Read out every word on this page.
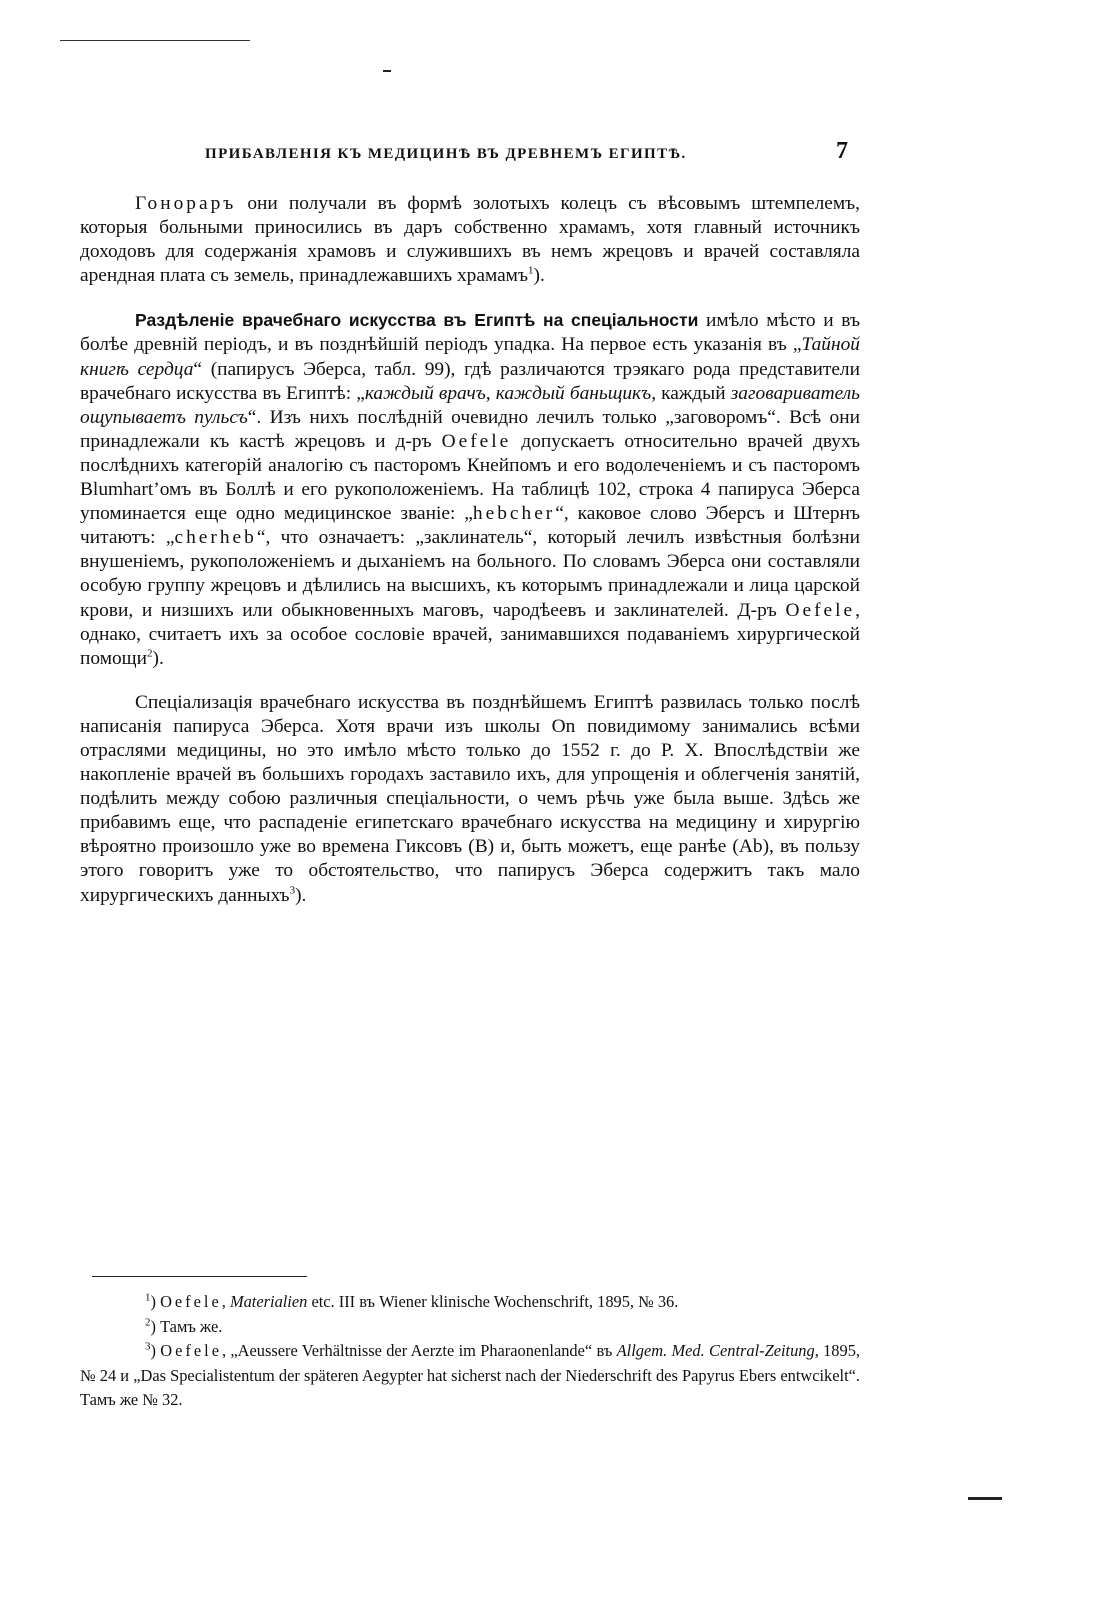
ПРИБАВЛЕНІЯ КЪ МЕДИЦИНѢ ВЪ ДРЕВНЕМЪ ЕГИПТѢ.	7

Гонораръ они получали въ формѣ золотыхъ колецъ съ вѣсовымъ штемпелемъ, которыя больными приносились въ даръ собственно храмамъ, хотя главный источникъ доходовъ для содержанія храмовъ и служившихъ въ немъ жрецовъ и врачей составляла арендная плата съ земель, принадлежавшихъ храмамъ$^1$).

Раздѣленіе врачебнаго искусства въ Египтѣ на спеціальности имѣло мѣсто и въ болѣе древній періодъ, и въ позднѣйшій періодъ упадка. На первое есть указанія въ „Тайной книгѣ сердца“ (папирусъ Эберса, табл. 99), гдѣ различаются трэякаго рода представители врачебнаго искусства въ Египтѣ: „каждый врачъ, каждый баньщикъ, каждый заговариватель ощупываетъ пульсъ“. Изъ нихъ послѣдній очевидно лечилъ только „заговоромъ“. Всѣ они принадлежали къ кастѣ жрецовъ и д-ръ Oefele допускаетъ относительно врачей двухъ послѣднихъ категорій аналогію съ пасторомъ Кнейпомъ и его водолеченіемъ и съ пасторомъ Blumhart’омъ въ Боллѣ и его рукоположеніемъ. На таблицѣ 102, строка 4 папируса Эберса упоминается еще одно медицинское званіе: „hebcher“, каковое слово Эберсъ и Штернъ читаютъ: „cherheb“, что означаетъ: „заклинатель“, который лечилъ извѣстныя болѣзни внушеніемъ, рукоположеніемъ и дыханіемъ на больного. По словамъ Эберса они составляли особую группу жрецовъ и дѣлились на высшихъ, къ которымъ принадлежали и лица царской крови, и низшихъ или обыкновенныхъ маговъ, чародѣеевъ и заклинателей. Д-ръ Oefele, однако, считаетъ ихъ за особое сословіе врачей, занимавшихся подаваніемъ хирургической помощи$^2$).

Спеціализація врачебнаго искусства въ позднѣйшемъ Египтѣ развилась только послѣ написанія папируса Эберса. Хотя врачи изъ школы On повидимому занимались всѣми отраслями медицины, но это имѣло мѣсто только до 1552 г. до Р. Х. Впослѣдствіи же накопленіе врачей въ большихъ городахъ заставило ихъ, для упрощенія и облегченія занятій, подѣлить между собою различныя спеціальности, о чемъ рѣчь уже была выше. Здѣсь же прибавимъ еще, что распаденіе египетскаго врачебнаго искусства на медицину и хирургію вѣроятно произошло уже во времена Гиксовъ (B) и, быть можетъ, еще ранѣе (Ab), въ пользу этого говоритъ уже то обстоятельство, что папирусъ Эберса содержитъ такъ мало хирургическихъ данныхъ$^3$).

$^1$) Oefele, Materialien etc. III въ Wiener klinische Wochenschrift, 1895, № 36.

$^2$) Тамъ же.

$^3$) Oefele, „Aeussere Verhältnisse der Aerzte im Pharaonenlande“ въ Allgem. Med. Central-Zeitung, 1895, № 24 и „Das Specialistentum der späteren Aegypter hat sicherst nach der Niederschrift des Papyrus Ebers entwcikelt“. Тамъ же № 32.
